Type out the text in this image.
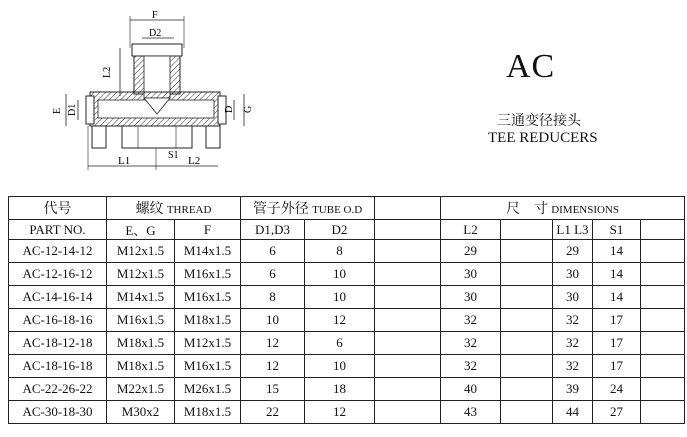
F
D2
L2
E D1	D G
L1	S1 L2
AC
三通变径接头
TEE REDUCERS
代号	螺纹 THREAD		管子外径 TUBE O.D			尺　寸 DIMENSIONS				
PART NO.	E、G	F	D1,D3	D2		L2		L1 L3	S1	
AC-12-14-12	M12x1.5	M14x1.5	6	8		29		29	14	
AC-12-16-12	M12x1.5	M16x1.5	6	10		30		30	14	
AC-14-16-14	M14x1.5	M16x1.5	8	10		30		30	14	
AC-16-18-16	M16x1.5	M18x1.5	10	12		32		32	17	
AC-18-12-18	M18x1.5	M12x1.5	12	6		32		32	17	
AC-18-16-18	M18x1.5	M16x1.5	12	10		32		32	17	
AC-22-26-22	M22x1.5	M26x1.5	15	18		40		39	24	
AC-30-18-30	M30x2	M18x1.5	22	12		43		44	27	
